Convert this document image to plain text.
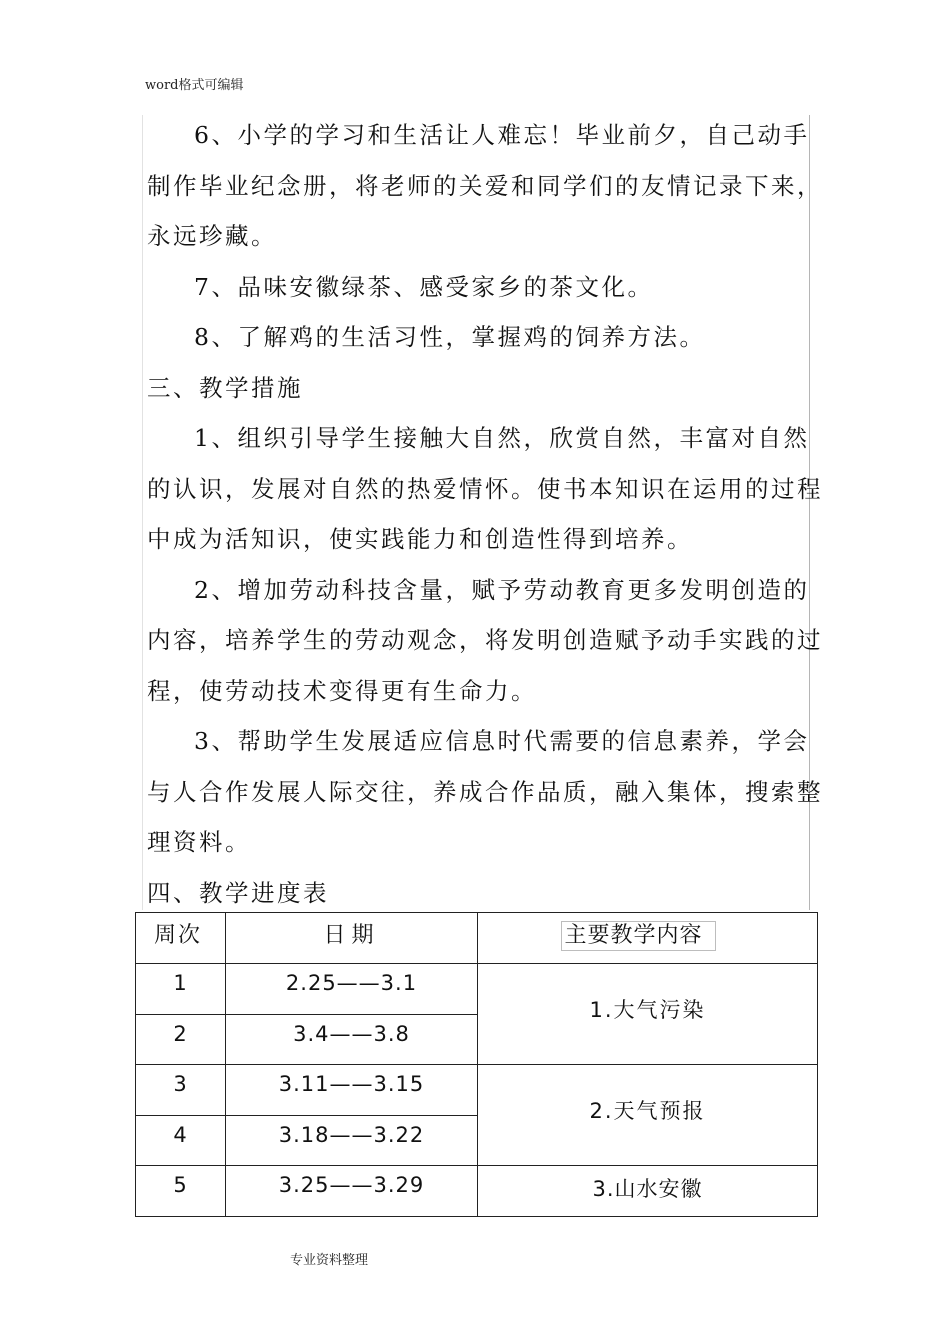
word格式可编辑
6、小学的学习和生活让人难忘！毕业前夕，自己动手
制作毕业纪念册，将老师的关爱和同学们的友情记录下来，
永远珍藏。
7、品味安徽绿茶、感受家乡的茶文化。
8、了解鸡的生活习性，掌握鸡的饲养方法。
三、教学措施
1、组织引导学生接触大自然，欣赏自然，丰富对自然
的认识，发展对自然的热爱情怀。使书本知识在运用的过程
中成为活知识，使实践能力和创造性得到培养。
2、增加劳动科技含量，赋予劳动教育更多发明创造的
内容，培养学生的劳动观念，将发明创造赋予动手实践的过
程，使劳动技术变得更有生命力。
3、帮助学生发展适应信息时代需要的信息素养，学会
与人合作发展人际交往，养成合作品质，融入集体，搜索整
理资料。
四、教学进度表
周次	日期	主要教学内容

1	2.25——3.1	1.大气污染

2	3.4——3.8	

3	3.11——3.15	2.天气预报

4	3.18——3.22	

5	3.25——3.29	3.山水安徽
专业资料整理
